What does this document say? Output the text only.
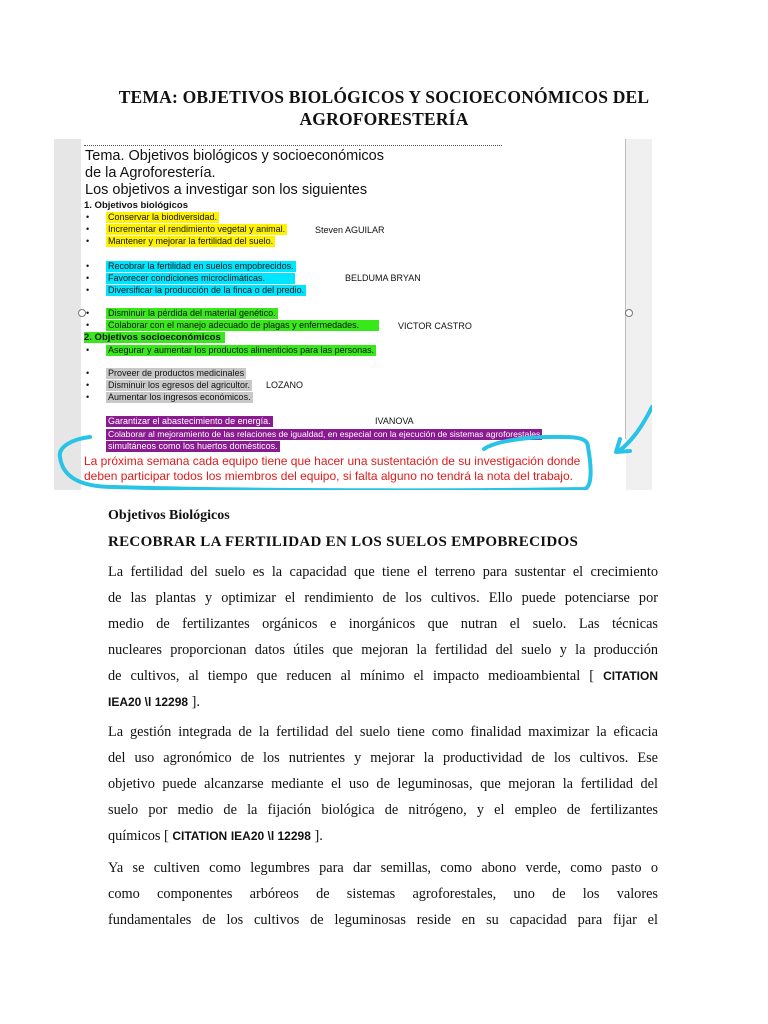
TEMA: OBJETIVOS BIOLÓGICOS Y SOCIOECONÓMICOS DEL
AGROFORESTERÍA
Tema. Objetivos biológicos y socioeconómicos
de la Agroforestería.
Los objetivos a investigar son los siguientes
1. Objetivos biológicos
• Conservar la biodiversidad.
• Incrementar el rendimiento vegetal y animal.	Steven AGUILAR
• Mantener y mejorar la fertilidad del suelo.
• Recobrar la fertilidad en suelos empobrecidos.
• Favorecer condiciones microclimáticas.	BELDUMA BRYAN
• Diversificar la producción de la finca o del predio.
• Disminuir la pérdida del material genético.
• Colaborar con el manejo adecuado de plagas y enfermedades.	VICTOR CASTRO
2. Objetivos socioeconómicos
• Asegurar y aumentar los productos alimenticios para las personas.
• Proveer de productos medicinales
• Disminuir los egresos del agricultor. LOZANO
• Aumentar los ingresos económicos.
Garantizar el abastecimiento de energía.	IVANOVA
Colaborar al mejoramiento de las relaciones de igualdad, en especial con la ejecución de sistemas agroforestales
simultáneos como los huertos domésticos.
La próxima semana cada equipo tiene que hacer una sustentación de su investigación donde
deben participar todos los miembros del equipo, si falta alguno no tendrá la nota del trabajo.
Objetivos Biológicos
RECOBRAR LA FERTILIDAD EN LOS SUELOS EMPOBRECIDOS
La fertilidad del suelo es la capacidad que tiene el terreno para sustentar el crecimiento
de las plantas y optimizar el rendimiento de los cultivos. Ello puede potenciarse por
medio de fertilizantes orgánicos e inorgánicos que nutran el suelo. Las técnicas
nucleares proporcionan datos útiles que mejoran la fertilidad del suelo y la producción
de cultivos, al tiempo que reducen al mínimo el impacto medioambiental [ CITATION
IEA20 \l 12298 ].
La gestión integrada de la fertilidad del suelo tiene como finalidad maximizar la eficacia
del uso agronómico de los nutrientes y mejorar la productividad de los cultivos. Ese
objetivo puede alcanzarse mediante el uso de leguminosas, que mejoran la fertilidad del
suelo por medio de la fijación biológica de nitrógeno, y el empleo de fertilizantes
químicos [ CITATION IEA20 \l 12298 ].
Ya se cultiven como legumbres para dar semillas, como abono verde, como pasto o
como componentes arbóreos de sistemas agroforestales, uno de los valores
fundamentales de los cultivos de leguminosas reside en su capacidad para fijar el
